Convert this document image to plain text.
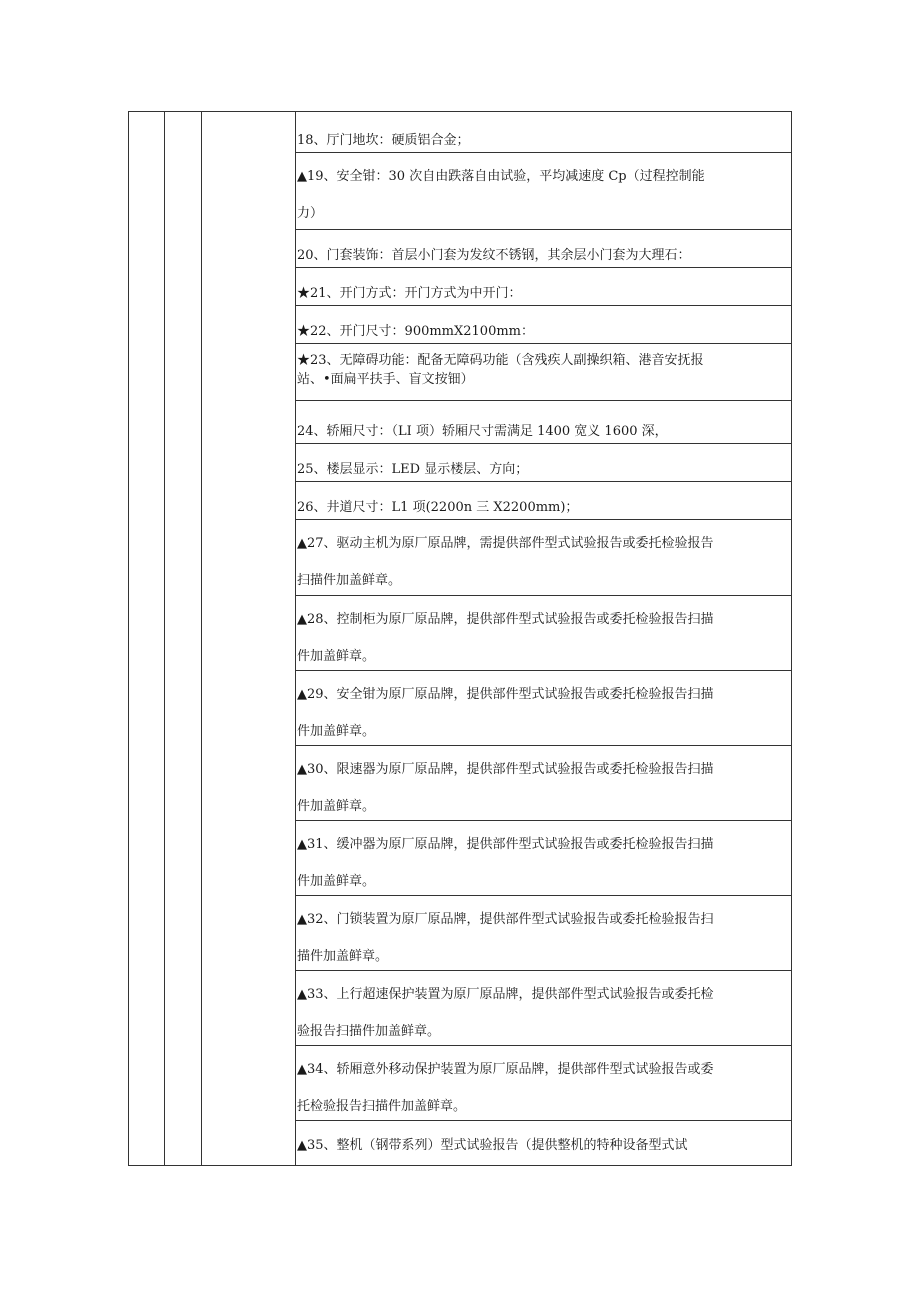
18、厅门地坎：硬质铝合金；
▲19、安全钳：30 次自由跌落自由试验，平均减速度 Cp（过程控制能
力）
20、门套装饰：首层小门套为发纹不锈钢，其余层小门套为大理石：
★21、开门方式：开门方式为中开门：
★22、开门尺寸：900mmX2100mm：
★23、无障碍功能：配备无障码功能（含残疾人副操织箱、港音安抚报
站、•面扁平扶手、盲文按钿）
24、轿厢尺寸：（LI 项）轿厢尺寸需满足 1400 宽义 1600 深，
25、楼层显示：LED 显示楼层、方向；
26、井道尺寸：L1 项(2200n 三 X2200mm)；
▲27、驱动主机为原厂原品牌，需提供部件型式试验报告或委托检验报告
扫描件加盖鲜章。
▲28、控制柜为原厂原品牌，提供部件型式试验报告或委托检验报告扫描
件加盖鲜章。
▲29、安全钳为原厂原品牌，提供部件型式试验报告或委托检验报告扫描
件加盖鲜章。
▲30、限速器为原厂原品牌，提供部件型式试验报告或委托检验报告扫描
件加盖鲜章。
▲31、缓冲器为原厂原品牌，提供部件型式试验报告或委托检验报告扫描
件加盖鲜章。
▲32、门锁装置为原厂原品牌，提供部件型式试验报告或委托检验报告扫
描件加盖鲜章。
▲33、上行超速保护装置为原厂原品牌，提供部件型式试验报告或委托检
验报告扫描件加盖鲜章。
▲34、轿厢意外移动保护装置为原厂原品牌，提供部件型式试验报告或委
托检验报告扫描件加盖鲜章。
▲35、整机（钢带系列）型式试验报告（提供整机的特种设备型式试
